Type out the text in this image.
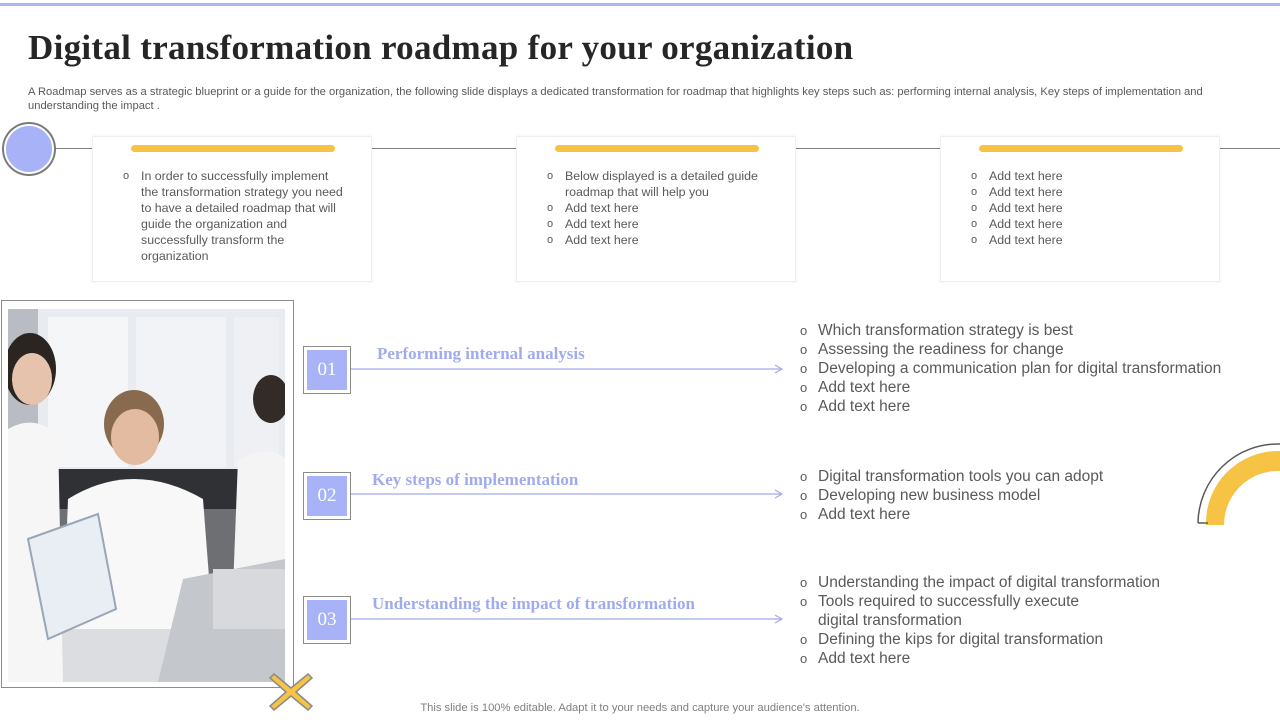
Digital transformation roadmap for your organization

A Roadmap serves as a strategic blueprint or a guide for the organization, the following slide displays a dedicated transformation for roadmap that highlights key steps such as: performing internal analysis, Key steps of implementation and understanding the impact .

o In order to successfully implement the transformation strategy you need to have a detailed roadmap that will guide the organization and successfully transform the organization
o Below displayed is a detailed guide roadmap that will help you
o Add text here
o Add text here
o Add text here
o Add text here
o Add text here
o Add text here
o Add text here
o Add text here
01
Performing internal analysis
o Which transformation strategy is best
o Assessing the readiness for change
o Developing a communication plan for digital transformation
o Add text here
o Add text here
02
Key steps of implementation
o	Digital transformation tools you can adopt
o Developing new business model
o Add text here
03
Understanding the impact of transformation
o Understanding the impact of digital transformation
o Tools required to successfully execute
digital transformation
o Defining the kips for digital transformation
o Add text here
This slide is 100% editable. Adapt it to your needs and capture your audience's attention.
